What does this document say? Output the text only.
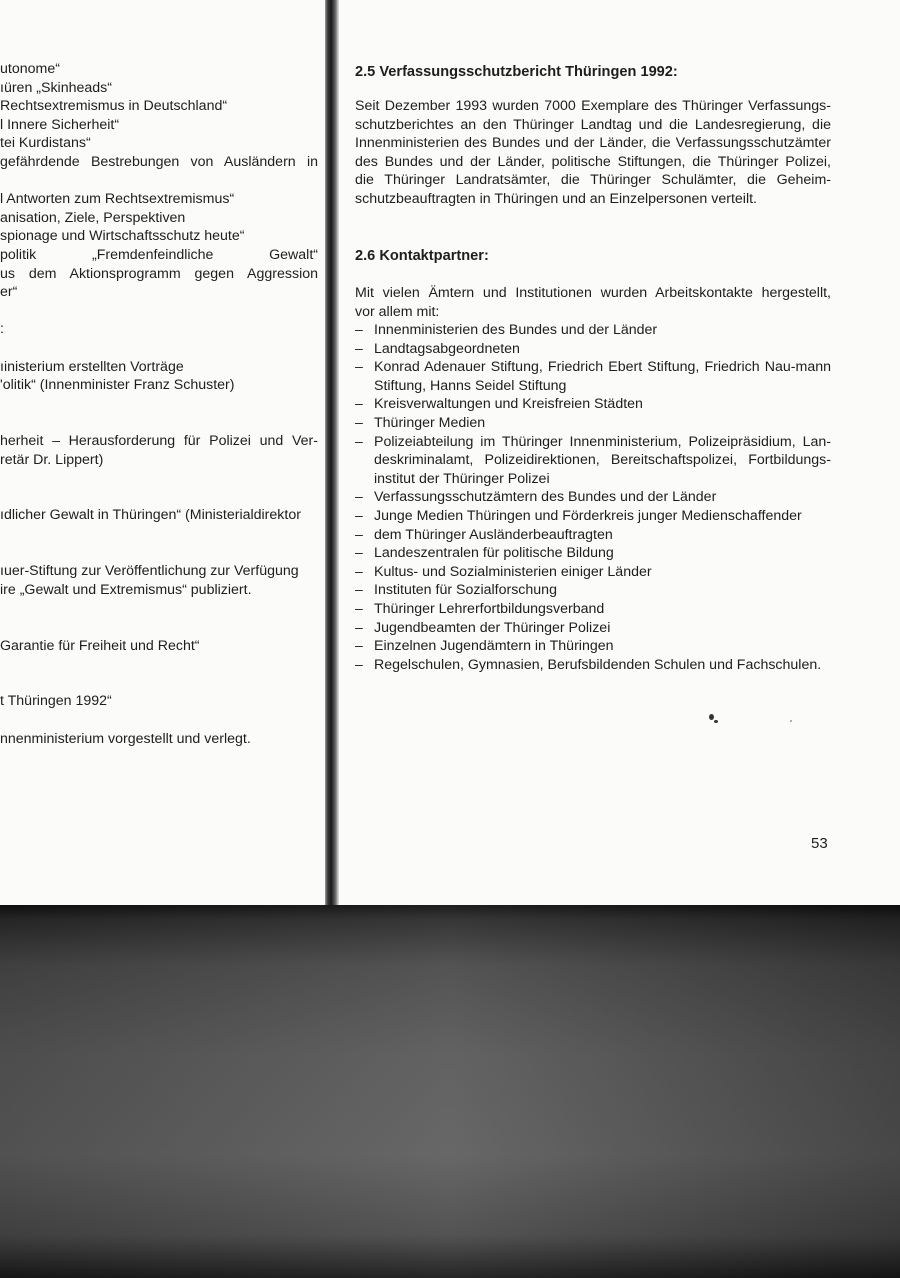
utonome“
ıüren „Skinheads“
Rechtsextremismus in Deutschland“
l Innere Sicherheit“
tei Kurdistans“
gefährdende Bestrebungen von Ausländern in
l Antworten zum Rechtsextremismus“
anisation, Ziele, Perspektiven
spionage und Wirtschaftsschutz heute“
politik „Fremdenfeindliche Gewalt“
us dem Aktionsprogramm gegen Aggression
er“
:
ıinisterium erstellten Vorträge
'olitik“ (Innenminister Franz Schuster)
herheit – Herausforderung für Polizei und Ver-
retär Dr. Lippert)
ıdlicher Gewalt in Thüringen“ (Ministerialdirektor
ıuer-Stiftung zur Veröffentlichung zur Verfügung
ire „Gewalt und Extremismus“ publiziert.
Garantie für Freiheit und Recht“
t Thüringen 1992“
nnenministerium vorgestellt und verlegt.
2.5 Verfassungsschutzbericht Thüringen 1992:
Seit Dezember 1993 wurden 7000 Exemplare des Thüringer Verfassungs-
schutzberichtes an den Thüringer Landtag und die Landesregierung, die
Innenministerien des Bundes und der Länder, die Verfassungsschutzämter
des Bundes und der Länder, politische Stiftungen, die Thüringer Polizei,
die Thüringer Landratsämter, die Thüringer Schulämter, die Geheim-
schutzbeauftragten in Thüringen und an Einzelpersonen verteilt.
2.6 Kontaktpartner:
Mit vielen Ämtern und Institutionen wurden Arbeitskontakte hergestellt,
vor allem mit:
– Innenministerien des Bundes und der Länder
– Landtagsabgeordneten
– Konrad Adenauer Stiftung, Friedrich Ebert Stiftung, Friedrich Nau-​mann Stiftung, Hanns Seidel Stiftung
– Kreisverwaltungen und Kreisfreien Städten
– Thüringer Medien
– Polizeiabteilung im Thüringer Innenministerium, Polizeipräsidium, Lan-​deskriminalamt, Polizeidirektionen, Bereitschaftspolizei, Fortbildungs-​institut der Thüringer Polizei
– Verfassungsschutzämtern des Bundes und der Länder
– Junge Medien Thüringen und Förderkreis junger Medienschaffender
– dem Thüringer Ausländerbeauftragten
– Landeszentralen für politische Bildung
– Kultus- und Sozialministerien einiger Länder
– Instituten für Sozialforschung
– Thüringer Lehrerfortbildungsverband
– Jugendbeamten der Thüringer Polizei
– Einzelnen Jugendämtern in Thüringen
– Regelschulen, Gymnasien, Berufsbildenden Schulen und Fachschulen.
53
